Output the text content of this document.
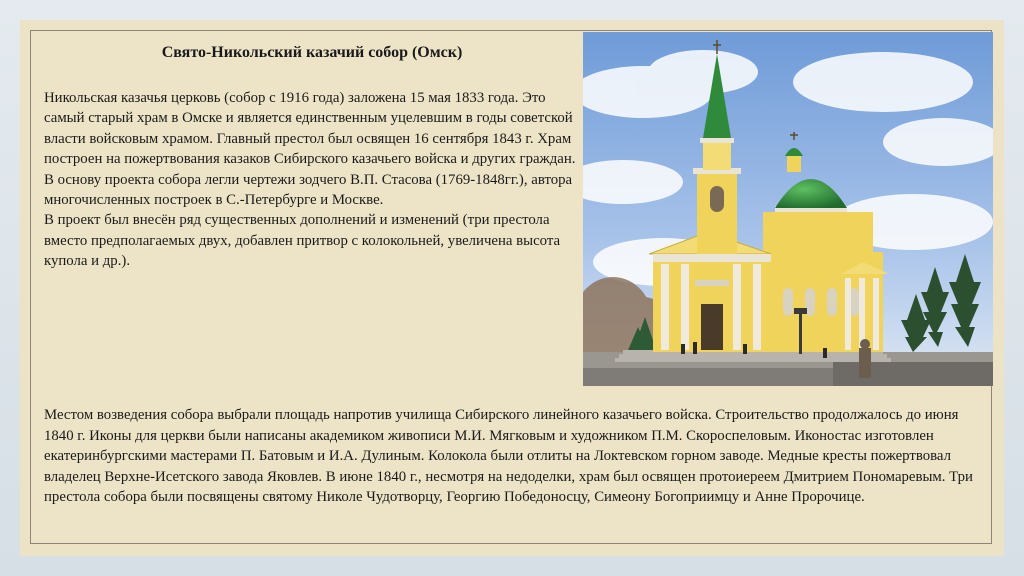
Свято-Никольский казачий собор (Омск)
Никольская казачья церковь (собор с 1916 года) заложена 15 мая 1833 года. Это самый старый храм в Омске и является единственным уцелевшим в годы советской власти войсковым храмом. Главный престол был освящен 16 сентября 1843 г. Храм построен на пожертвования казаков Сибирского казачьего войска и других граждан.
В основу проекта собора легли чертежи зодчего В.П. Стасова (1769-1848гг.), автора многочисленных построек в С.-Петербурге и Москве.
В проект был внесён ряд существенных дополнений и изменений (три престола вместо предполагаемых двух, добавлен притвор с колокольней, увеличена высота купола и др.).

Местом возведения собора выбрали площадь напротив училища Сибирского линейного казачьего войска. Строительство продолжалось до июня 1840 г. Иконы для церкви были написаны академиком живописи М.И. Мягковым и художником П.М. Скороспеловым. Иконостас изготовлен екатеринбургскими мастерами П. Батовым и И.А. Дулиным. Колокола были отлиты на Локтевском горном заводе. Медные кресты пожертвовал владелец Верхне-Исетского завода Яковлев. В июне 1840 г., несмотря на недоделки, храм был освящен протоиереем Дмитрием Пономаревым. Три престола собора были посвящены святому Николе Чудотворцу, Георгию Победоносцу, Симеону Богоприимцу и Анне Пророчице.
